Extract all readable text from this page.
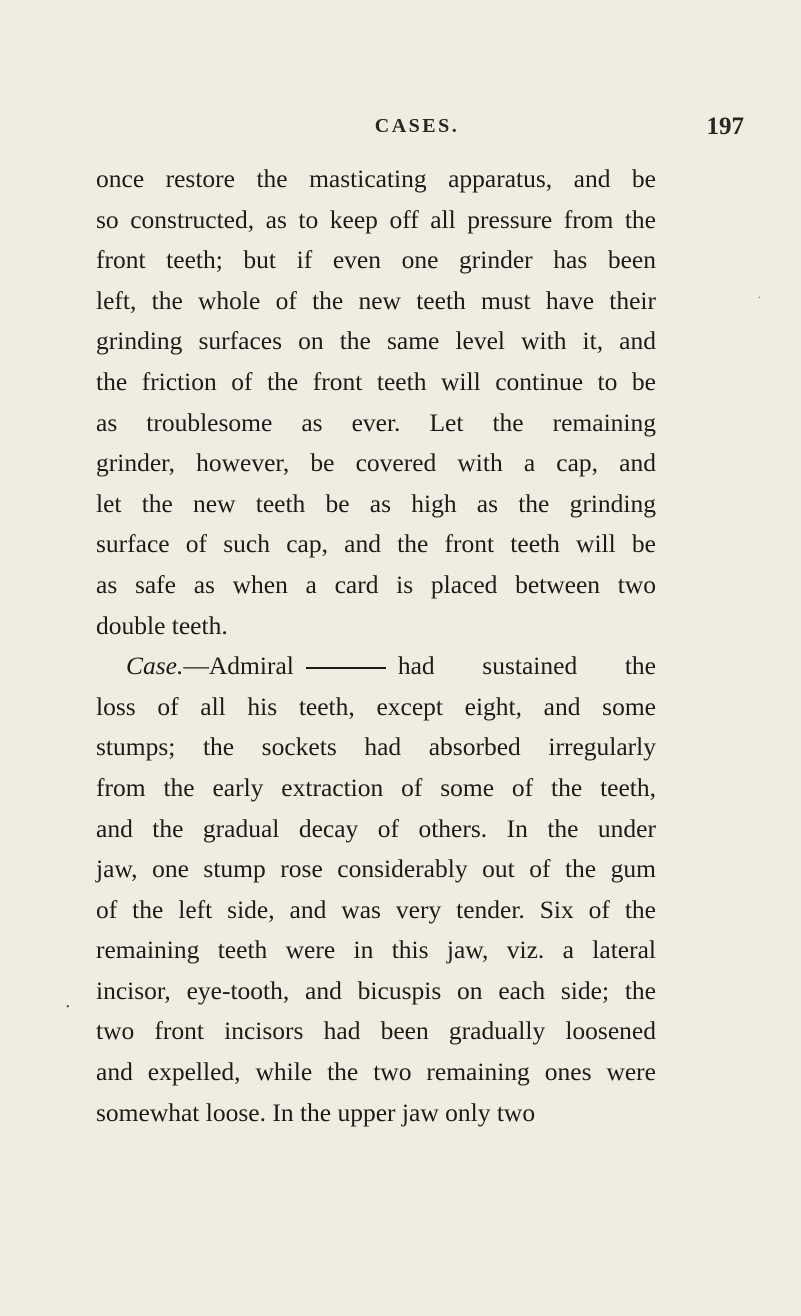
CASES.	197
once restore the masticating apparatus, and be
so constructed, as to keep off all pressure from the
front teeth; but if even one grinder has been
left, the whole of the new teeth must have their
grinding surfaces on the same level with it, and
the friction of the front teeth will continue to be
as troublesome as ever. Let the remaining
grinder, however, be covered with a cap, and
let the new teeth be as high as the grinding
surface of such cap, and the front teeth will be
as safe as when a card is placed between two
double teeth.
Case.—Admiral	had sustained the
loss of all his teeth, except eight, and some
stumps; the sockets had absorbed irregularly
from the early extraction of some of the teeth,
and the gradual decay of others. In the under
jaw, one stump rose considerably out of the gum
of the left side, and was very tender. Six of the
remaining teeth were in this jaw, viz. a lateral
incisor, eye-tooth, and bicuspis on each side; the
two front incisors had been gradually loosened
and expelled, while the two remaining ones were
somewhat loose. In the upper jaw only two
.
•
